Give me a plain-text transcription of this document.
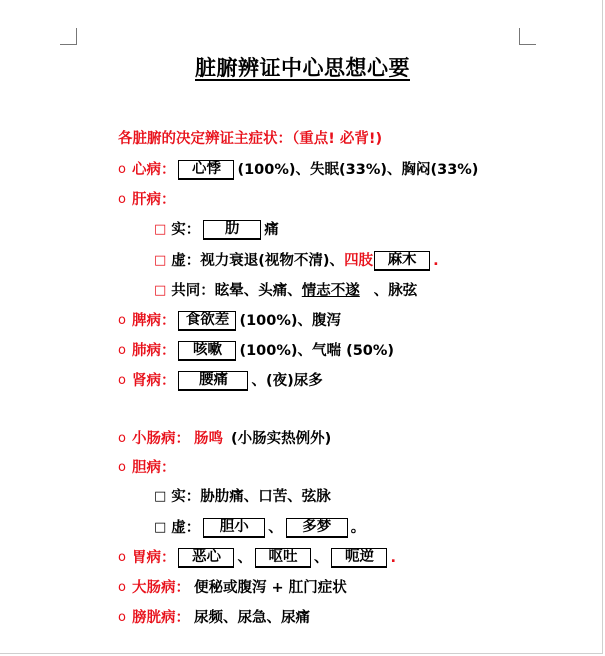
脏腑辨证中心思想心要
各脏腑的决定辨证主症状：（重点! 必背!)
o 心病：	心悸	(100%)、失眠(33%)、胸闷(33%)
o 肝病：
□ 实：	肋	痛
□ 虚： 视力衰退(视物不清)、 四肢	麻木	.
□ 共同： 眩晕、头痛、 情志不遂 、脉弦
o 脾病： 食欲差 (100%)、腹泻
o 肺病：	咳嗽	(100%)、气喘 (50%)
o 肾病：	腰痛	、(夜)尿多
o 小肠病： 肠鸣 (小肠实热例外)
o 胆病：
□ 实： 胁肋痛、口苦、弦脉
□ 虚：	胆小	、	多梦	。
o 胃病：	恶心	、	呕吐	、	呃逆	.
o 大肠病： 便秘或腹泻 + 肛门症状
o 膀胱病： 尿频、尿急、尿痛
